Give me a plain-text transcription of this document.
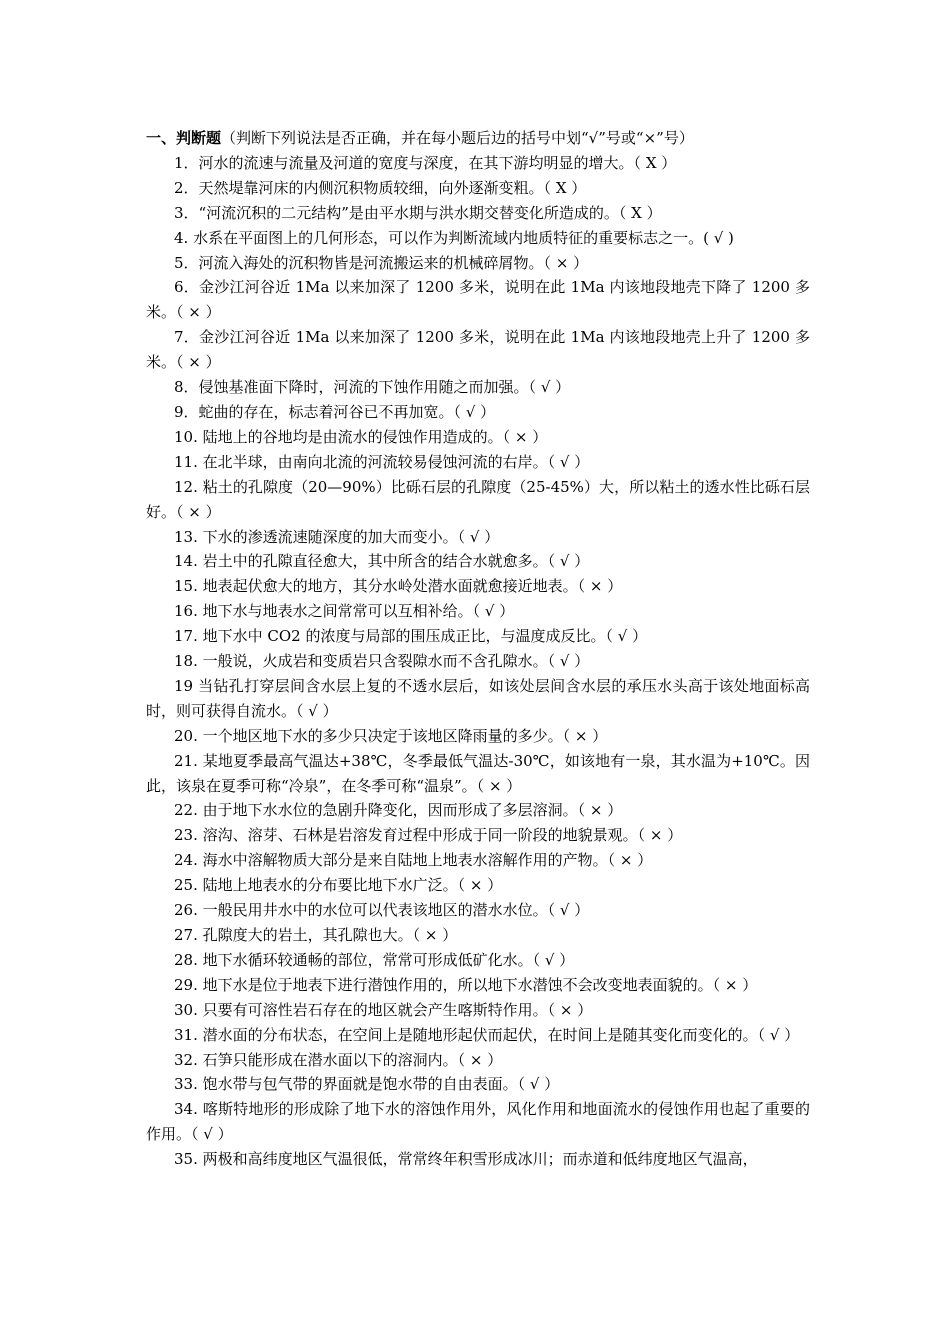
一、判断题（判断下列说法是否正确，并在每小题后边的括号中划“√”号或“×”号）

1．河水的流速与流量及河道的宽度与深度，在其下游均明显的增大。（ X ）

2．天然堤靠河床的内侧沉积物质较细，向外逐渐变粗。（ X ）

3．“河流沉积的二元结构”是由平水期与洪水期交替变化所造成的。（ X ）

4. 水系在平面图上的几何形态，可以作为判断流域内地质特征的重要标志之一。( √ )

5．河流入海处的沉积物皆是河流搬运来的机械碎屑物。（ × ）

6．金沙江河谷近 1Ma 以来加深了 1200 多米，说明在此 1Ma 内该地段地壳下降了 1200 多米。（ × ）

7．金沙江河谷近 1Ma 以来加深了 1200 多米，说明在此 1Ma 内该地段地壳上升了 1200 多米。（ × ）

8．侵蚀基准面下降时，河流的下蚀作用随之而加强。（ √ ）

9．蛇曲的存在，标志着河谷已不再加宽。（ √ ）

10. 陆地上的谷地均是由流水的侵蚀作用造成的。（ × ）

11. 在北半球，由南向北流的河流较易侵蚀河流的右岸。（ √ ）

12. 粘土的孔隙度（20—90%）比砾石层的孔隙度（25-45%）大，所以粘土的透水性比砾石层好。（ × ）

13. 下水的渗透流速随深度的加大而变小。（ √ ）

14. 岩土中的孔隙直径愈大，其中所含的结合水就愈多。（ √ ）

15. 地表起伏愈大的地方，其分水岭处潜水面就愈接近地表。（ × ）

16. 地下水与地表水之间常常可以互相补给。（ √ ）

17. 地下水中 CO2 的浓度与局部的围压成正比，与温度成反比。（ √ ）

18. 一般说，火成岩和变质岩只含裂隙水而不含孔隙水。（ √ ）

19 当钻孔打穿层间含水层上复的不透水层后，如该处层间含水层的承压水头高于该处地面标高时，则可获得自流水。（ √ ）

20. 一个地区地下水的多少只决定于该地区降雨量的多少。（ × ）

21. 某地夏季最高气温达+38℃，冬季最低气温达-30℃，如该地有一泉，其水温为+10℃。因此，该泉在夏季可称“冷泉”，在冬季可称“温泉”。（ × ）

22. 由于地下水水位的急剧升降变化，因而形成了多层溶洞。（ × ）

23. 溶沟、溶芽、石林是岩溶发育过程中形成于同一阶段的地貌景观。（ × ）

24. 海水中溶解物质大部分是来自陆地上地表水溶解作用的产物。（ × ）

25. 陆地上地表水的分布要比地下水广泛。（ × ）

26. 一般民用井水中的水位可以代表该地区的潜水水位。（ √ ）

27. 孔隙度大的岩土，其孔隙也大。（ × ）

28. 地下水循环较通畅的部位，常常可形成低矿化水。（ √ ）

29. 地下水是位于地表下进行潜蚀作用的，所以地下水潜蚀不会改变地表面貌的。（ × ）

30. 只要有可溶性岩石存在的地区就会产生喀斯特作用。（ × ）

31. 潜水面的分布状态，在空间上是随地形起伏而起伏，在时间上是随其变化而变化的。（ √ ）

32. 石笋只能形成在潜水面以下的溶洞内。（ × ）

33. 饱水带与包气带的界面就是饱水带的自由表面。（ √ ）

34. 喀斯特地形的形成除了地下水的溶蚀作用外，风化作用和地面流水的侵蚀作用也起了重要的作用。（ √ ）

35. 两极和高纬度地区气温很低，常常终年积雪形成冰川；而赤道和低纬度地区气温高，
